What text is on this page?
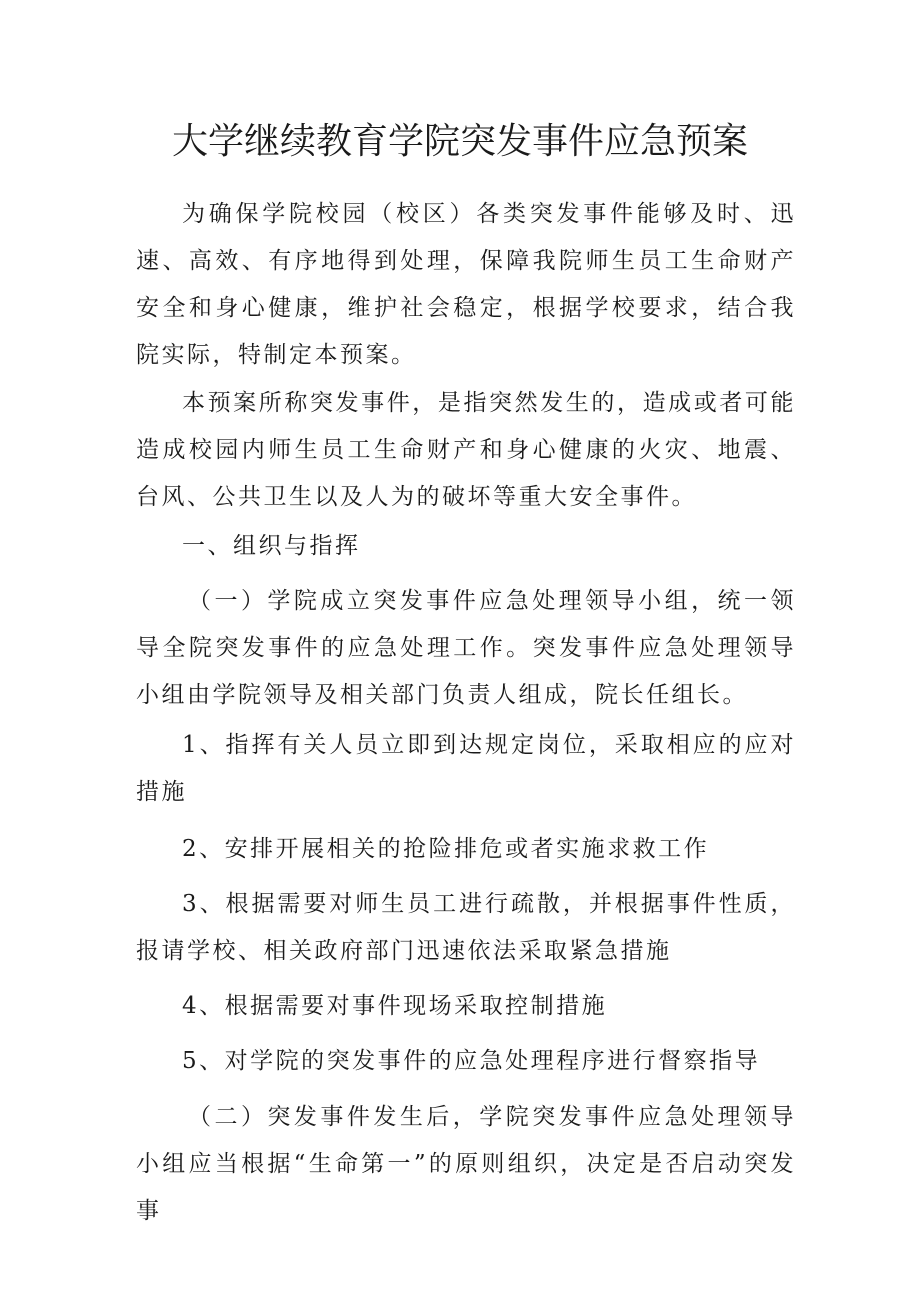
大学继续教育学院突发事件应急预案

为确保学院校园（校区）各类突发事件能够及时、迅速、高效、有序地得到处理，保障我院师生员工生命财产安全和身心健康，维护社会稳定，根据学校要求，结合我院实际，特制定本预案。

本预案所称突发事件，是指突然发生的，造成或者可能造成校园内师生员工生命财产和身心健康的火灾、地震、台风、公共卫生以及人为的破坏等重大安全事件。

一、组织与指挥

（一）学院成立突发事件应急处理领导小组，统一领导全院突发事件的应急处理工作。突发事件应急处理领导小组由学院领导及相关部门负责人组成，院长任组长。

1、指挥有关人员立即到达规定岗位，采取相应的应对措施

2、安排开展相关的抢险排危或者实施求救工作

3、根据需要对师生员工进行疏散，并根据事件性质，报请学校、相关政府部门迅速依法采取紧急措施

4、根据需要对事件现场采取控制措施

5、对学院的突发事件的应急处理程序进行督察指导

（二）突发事件发生后，学院突发事件应急处理领导小组应当根据“生命第一”的原则组织，决定是否启动突发事
